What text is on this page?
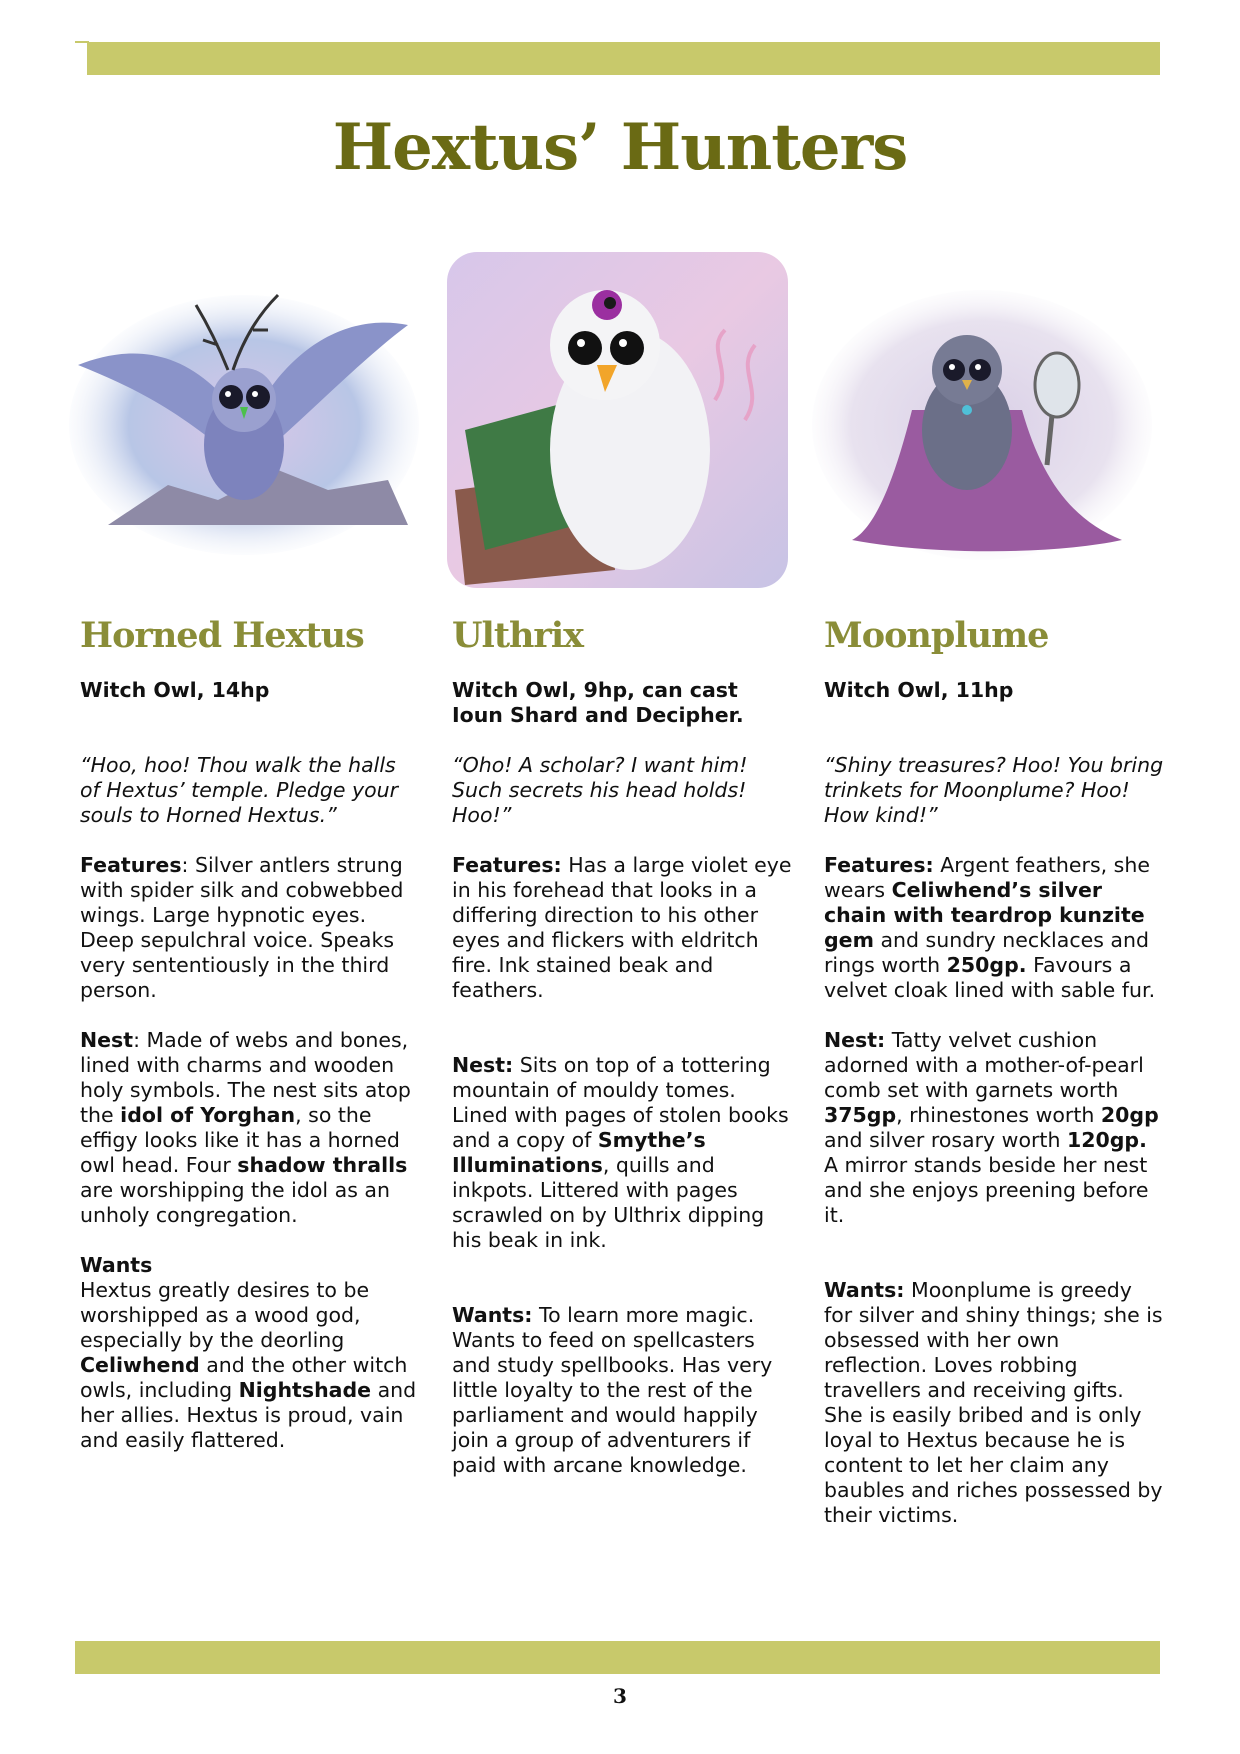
Hextus’ Hunters
Horned Hextus

Witch Owl, 14hp

“Hoo, hoo! Thou walk the halls of Hextus’ temple. Pledge your souls to Horned Hextus.”

Features: Silver antlers strung with spider silk and cobwebbed wings. Large hypnotic eyes. Deep sepulchral voice. Speaks very sententiously in the third person.

Nest: Made of webs and bones, lined with charms and wooden holy symbols. The nest sits atop the idol of Yorghan, so the effigy looks like it has a horned owl head. Four shadow thralls are worshipping the idol as an unholy congregation.

Wants
Hextus greatly desires to be worshipped as a wood god, especially by the deorling Celiwhend and the other witch owls, including Nightshade and her allies. Hextus is proud, vain and easily flattered.

Ulthrix

Witch Owl, 9hp, can cast Ioun Shard and Decipher.

“Oho! A scholar? I want him! Such secrets his head holds! Hoo!”

Features: Has a large violet eye in his forehead that looks in a differing direction to his other eyes and flickers with eldritch fire. Ink stained beak and feathers.

Nest: Sits on top of a tottering mountain of mouldy tomes. Lined with pages of stolen books and a copy of Smythe’s Illuminations, quills and inkpots. Littered with pages scrawled on by Ulthrix dipping his beak in ink.

Wants: To learn more magic. Wants to feed on spellcasters and study spellbooks. Has very little loyalty to the rest of the parliament and would happily join a group of adventurers if paid with arcane knowledge.

Moonplume

Witch Owl, 11hp

“Shiny treasures? Hoo! You bring trinkets for Moonplume? Hoo! How kind!”

Features: Argent feathers, she wears Celiwhend’s silver chain with teardrop kunzite gem and sundry necklaces and rings worth 250gp. Favours a velvet cloak lined with sable fur.

Nest: Tatty velvet cushion adorned with a mother-of-pearl comb set with garnets worth 375gp, rhinestones worth 20gp and silver rosary worth 120gp. A mirror stands beside her nest and she enjoys preening before it.

Wants: Moonplume is greedy for silver and shiny things; she is obsessed with her own reflection. Loves robbing travellers and receiving gifts. She is easily bribed and is only loyal to Hextus because he is content to let her claim any baubles and riches possessed by their victims.

3
